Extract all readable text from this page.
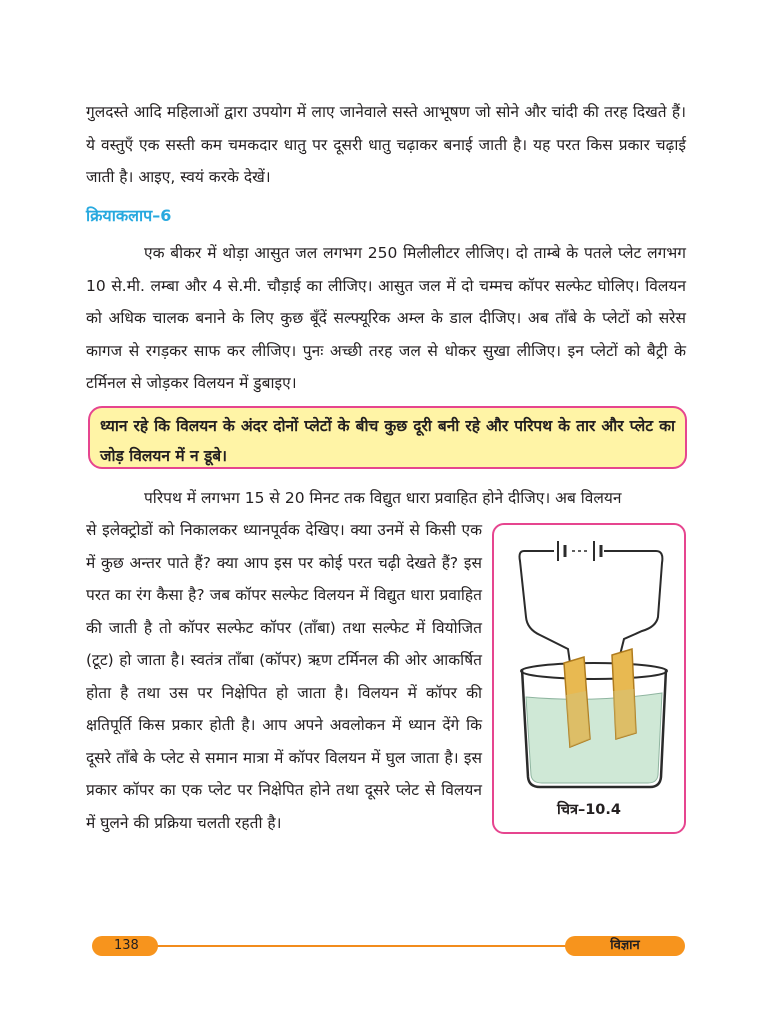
गुलदस्ते आदि महिलाओं द्वारा उपयोग में लाए जानेवाले सस्ते आभूषण जो सोने और चांदी की तरह दिखते हैं। ये वस्तुएँ एक सस्ती कम चमकदार धातु पर दूसरी धातु चढ़ाकर बनाई जाती है। यह परत किस प्रकार चढ़ाई जाती है। आइए, स्वयं करके देखें।

क्रियाकलाप–6

एक बीकर में थोड़ा आसुत जल लगभग 250 मिलीलीटर लीजिए। दो ताम्बे के पतले प्लेट लगभग 10 से.मी. लम्बा और 4 से.मी. चौड़ाई का लीजिए। आसुत जल में दो चम्मच कॉपर सल्फेट घोलिए। विलयन को अधिक चालक बनाने के लिए कुछ बूँदें सल्फ्यूरिक अम्ल के डाल दीजिए। अब ताँबे के प्लेटों को सरेस कागज से रगड़कर साफ कर लीजिए। पुनः अच्छी तरह जल से धोकर सुखा लीजिए। इन प्लेटों को बैट्री के टर्मिनल से जोड़कर विलयन में डुबाइए।

ध्यान रहे कि विलयन के अंदर दोनों प्लेटों के बीच कुछ दूरी बनी रहे और परिपथ के तार और प्लेट का जोड़ विलयन में न डूबे।

परिपथ में लगभग 15 से 20 मिनट तक विद्युत धारा प्रवाहित होने दीजिए। अब विलयन

से इलेक्ट्रोडों को निकालकर ध्यानपूर्वक देखिए। क्या उनमें से किसी एक में कुछ अन्तर पाते हैं? क्या आप इस पर कोई परत चढ़ी देखते हैं? इस परत का रंग कैसा है? जब कॉपर सल्फेट विलयन में विद्युत धारा प्रवाहित की जाती है तो कॉपर सल्फेट कॉपर (ताँबा) तथा सल्फेट में वियोजित (टूट) हो जाता है। स्वतंत्र ताँबा (कॉपर) ऋण टर्मिनल की ओर आकर्षित होता है तथा उस पर निक्षेपित हो जाता है। विलयन में कॉपर की क्षतिपूर्ति किस प्रकार होती है। आप अपने अवलोकन में ध्यान देंगे कि दूसरे ताँबे के प्लेट से समान मात्रा में कॉपर विलयन में घुल जाता है। इस प्रकार कॉपर का एक प्लेट पर निक्षेपित होने तथा दूसरे प्लेट से विलयन में घुलने की प्रक्रिया चलती रहती है।

चित्र–10.4

138	विज्ञान
